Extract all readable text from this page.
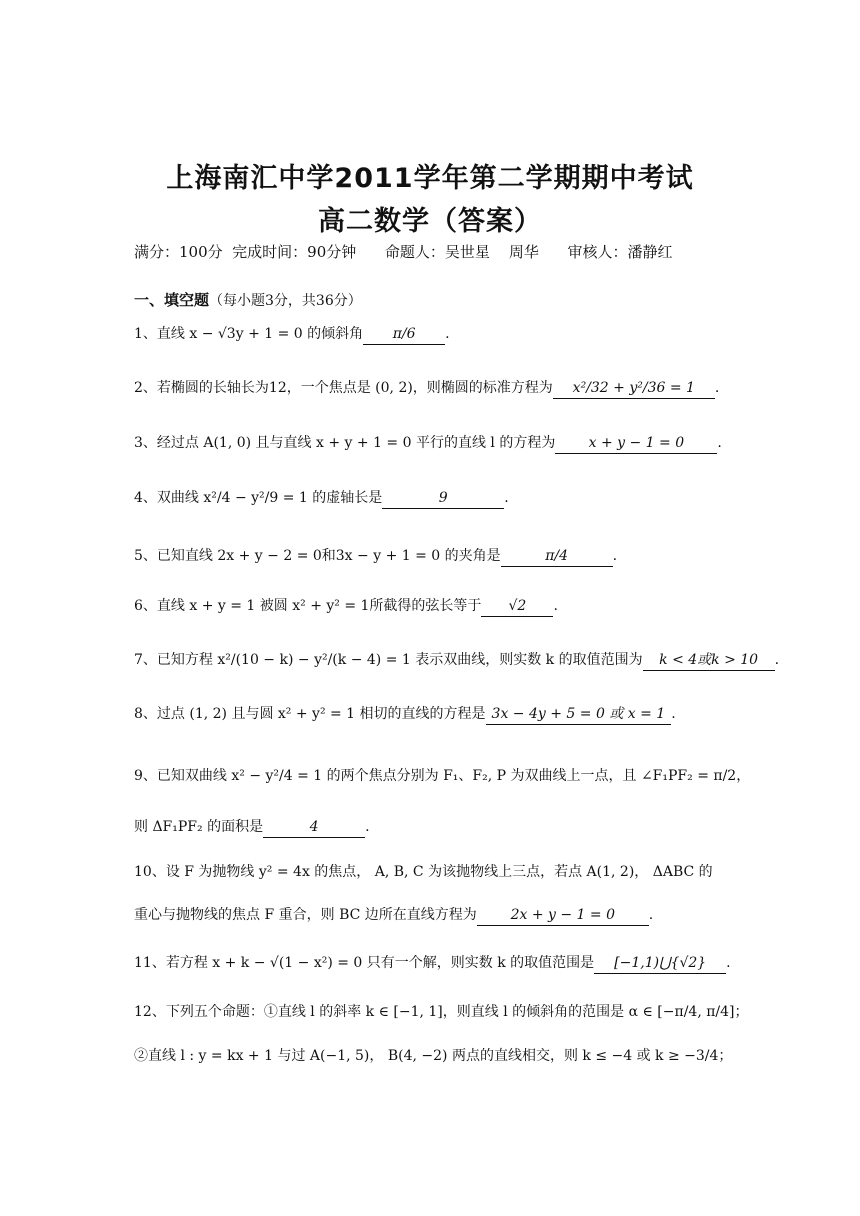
上海南汇中学2011学年第二学期期中考试
高二数学（答案）
满分：100分  完成时间：90分钟      命题人：吴世星    周华      审核人：潘静红
一、填空题（每小题3分，共36分）
1、直线 x − √3y + 1 = 0 的倾斜角 π/6 .
2、若椭圆的长轴长为12，一个焦点是 (0, 2)，则椭圆的标准方程为 x²/32 + y²/36 = 1 .
3、经过点 A(1, 0) 且与直线 x + y + 1 = 0 平行的直线 l 的方程为 x + y − 1 = 0 .
4、双曲线 x²/4 − y²/9 = 1 的虚轴长是	9	.
5、已知直线 2x + y − 2 = 0和3x − y + 1 = 0 的夹角是	π/4	.
6、直线 x + y = 1 被圆 x² + y² = 1所截得的弦长等于 √2 .
7、已知方程 x²/(10 − k) − y²/(k − 4) = 1 表示双曲线，则实数 k 的取值范围为 k < 4或k > 10 .
8、过点 (1, 2) 且与圆 x² + y² = 1 相切的直线的方程是 3x − 4y + 5 = 0 或 x = 1 .
9、已知双曲线 x² − y²/4 = 1 的两个焦点分别为 F₁、F₂, P 为双曲线上一点，且 ∠F₁PF₂ = π/2，
则 ΔF₁PF₂ 的面积是	4	.
10、设 F 为抛物线 y² = 4x 的焦点， A, B, C 为该抛物线上三点，若点 A(1, 2)， ΔABC 的
重心与抛物线的焦点 F 重合，则 BC 边所在直线方程为 2x + y − 1 = 0 .
11、若方程 x + k − √(1 − x²) = 0 只有一个解，则实数 k 的取值范围是 [−1,1)⋃{√2} .
12、下列五个命题：①直线 l 的斜率 k ∈ [−1, 1]，则直线 l 的倾斜角的范围是 α ∈ [−π/4, π/4]；
②直线 l : y = kx + 1 与过 A(−1, 5)， B(4, −2) 两点的直线相交，则 k ≤ −4 或 k ≥ −3/4；
